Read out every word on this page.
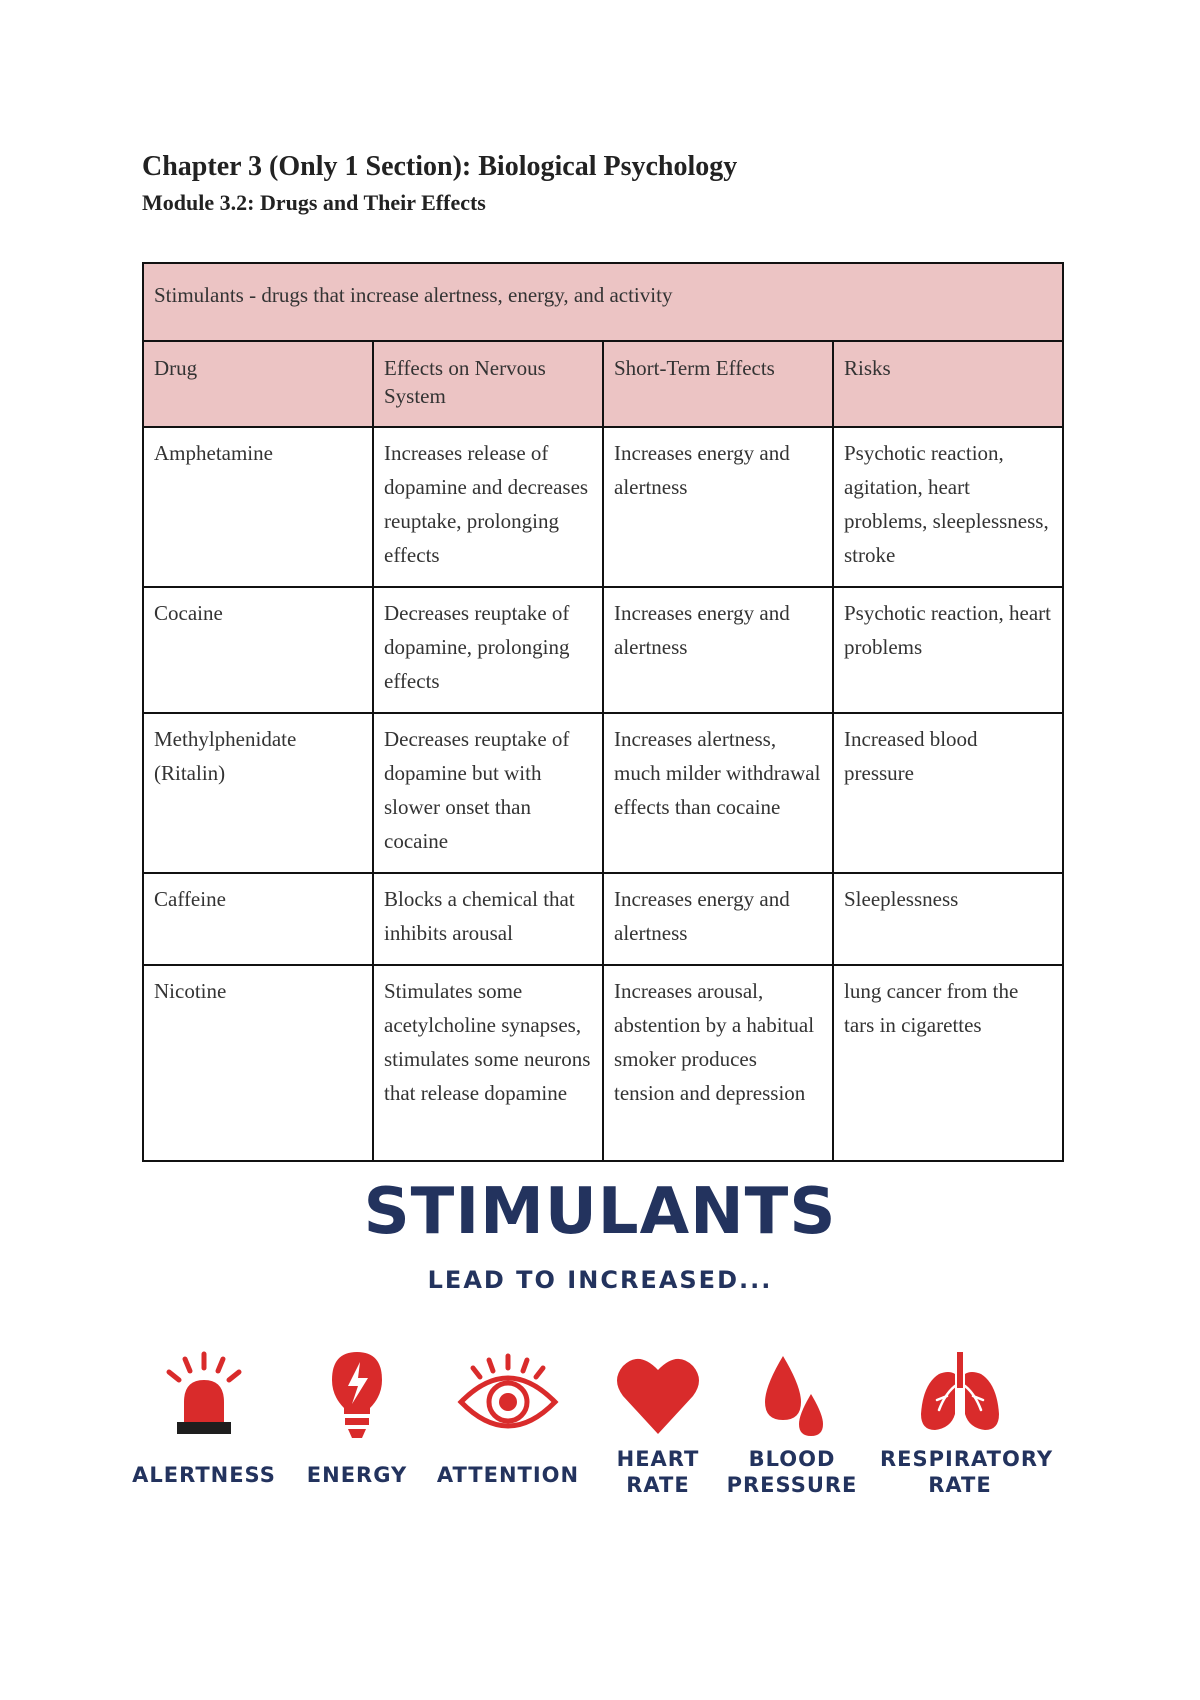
Chapter 3 (Only 1 Section): Biological Psychology
Module 3.2: Drugs and Their Effects
Stimulants - drugs that increase alertness, energy, and activity			
Drug	Effects on Nervous System	Short-Term Effects	Risks
Amphetamine	Increases release of dopamine and decreases reuptake, prolonging effects	Increases energy and alertness	Psychotic reaction, agitation, heart problems, sleeplessness, stroke
Cocaine	Decreases reuptake of dopamine, prolonging effects	Increases energy and alertness	Psychotic reaction, heart problems
Methylphenidate (Ritalin)	Decreases reuptake of dopamine but with slower onset than cocaine	Increases alertness, much milder withdrawal effects than cocaine	Increased blood pressure
Caffeine	Blocks a chemical that inhibits arousal	Increases energy and alertness	Sleeplessness
Nicotine	Stimulates some acetylcholine synapses, stimulates some neurons that release dopamine	Increases arousal, abstention by a habitual smoker produces tension and depression	lung cancer from the tars in cigarettes
STIMULANTS
LEAD TO INCREASED...
ALERTNESS	ENERGY	ATTENTION
HEART
RATE
BLOOD
PRESSURE
RESPIRATORY
RATE
